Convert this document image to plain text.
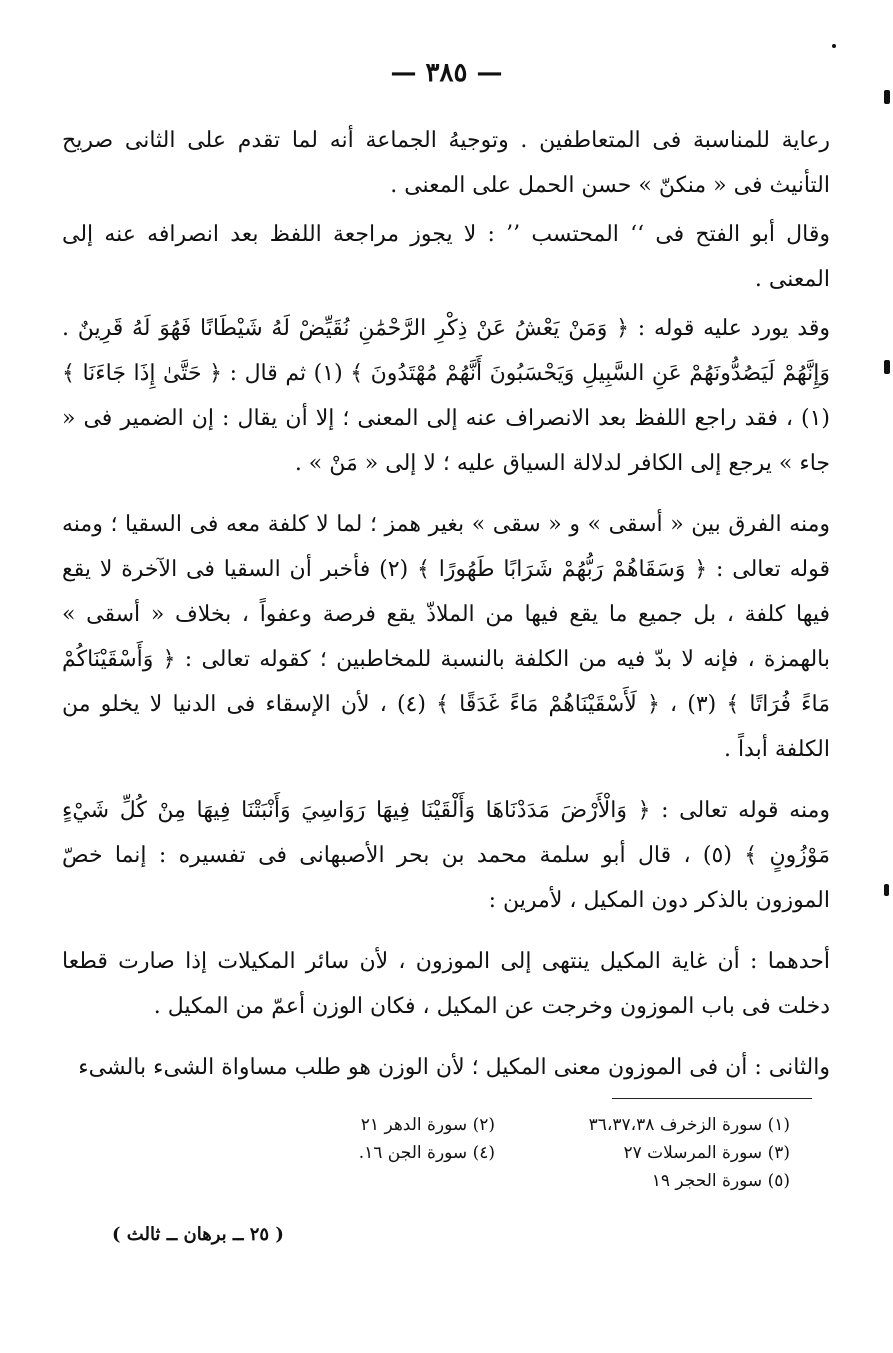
— ٣٨٥ —

رعاية للمناسبة فى المتعاطفين . وتوجيهُ الجماعة أنه لما تقدم على الثانى صريح التأنيث فى « منكنّ » حسن الحمل على المعنى .

وقال أبو الفتح فى ‘‘ المحتسب ’’ : لا يجوز مراجعة اللفظ بعد انصرافه عنه إلى المعنى .

وقد يورد عليه قوله : ﴿ وَمَنْ يَعْشُ عَنْ ذِكْرِ الرَّحْمَٰنِ نُقَيِّضْ لَهُ شَيْطَانًا فَهُوَ لَهُ قَرِينٌ . وَإِنَّهُمْ لَيَصُدُّونَهُمْ عَنِ السَّبِيلِ وَيَحْسَبُونَ أَنَّهُمْ مُهْتَدُونَ ﴾ (١) ثم قال : ﴿ حَتَّىٰ إِذَا جَاءَنَا ﴾ (١) ، فقد راجع اللفظ بعد الانصراف عنه إلى المعنى ؛ إلا أن يقال : إن الضمير فى « جاء » يرجع إلى الكافر لدلالة السياق عليه ؛ لا إلى « مَنْ » .

ومنه الفرق بين « أسقى » و « سقى » بغير همز ؛ لما لا كلفة معه فى السقيا ؛ ومنه قوله تعالى : ﴿ وَسَقَاهُمْ رَبُّهُمْ شَرَابًا طَهُورًا ﴾ (٢) فأخبر أن السقيا فى الآخرة لا يقع فيها كلفة ، بل جميع ما يقع فيها من الملاذّ يقع فرصة وعفواً ، بخلاف « أسقى » بالهمزة ، فإنه لا بدّ فيه من الكلفة بالنسبة للمخاطبين ؛ كقوله تعالى : ﴿ وَأَسْقَيْنَاكُمْ مَاءً فُرَاتًا ﴾ (٣) ، ﴿ لَأَسْقَيْنَاهُمْ مَاءً غَدَقًا ﴾ (٤) ، لأن الإسقاء فى الدنيا لا يخلو من الكلفة أبداً .

ومنه قوله تعالى : ﴿ وَالْأَرْضَ مَدَدْنَاهَا وَأَلْقَيْنَا فِيهَا رَوَاسِيَ وَأَنْبَتْنَا فِيهَا مِنْ كُلِّ شَيْءٍ مَوْزُونٍ ﴾ (٥) ، قال أبو سلمة محمد بن بحر الأصبهانى فى تفسيره : إنما خصّ الموزون بالذكر دون المكيل ، لأمرين :

أحدهما : أن غاية المكيل ينتهى إلى الموزون ، لأن سائر المكيلات إذا صارت قطعا دخلت فى باب الموزون وخرجت عن المكيل ، فكان الوزن أعمّ من المكيل .

والثانى : أن فى الموزون معنى المكيل ؛ لأن الوزن هو طلب مساواة الشىء بالشىء

(١) سورة الزخرف ٣٦،٣٧،٣٨
(٢) سورة الدهر ٢١
(٣) سورة المرسلات ٢٧
(٤) سورة الجن ١٦.
(٥) سورة الحجر ١٩
( ٢٥ ــ برهان ــ ثالث )
